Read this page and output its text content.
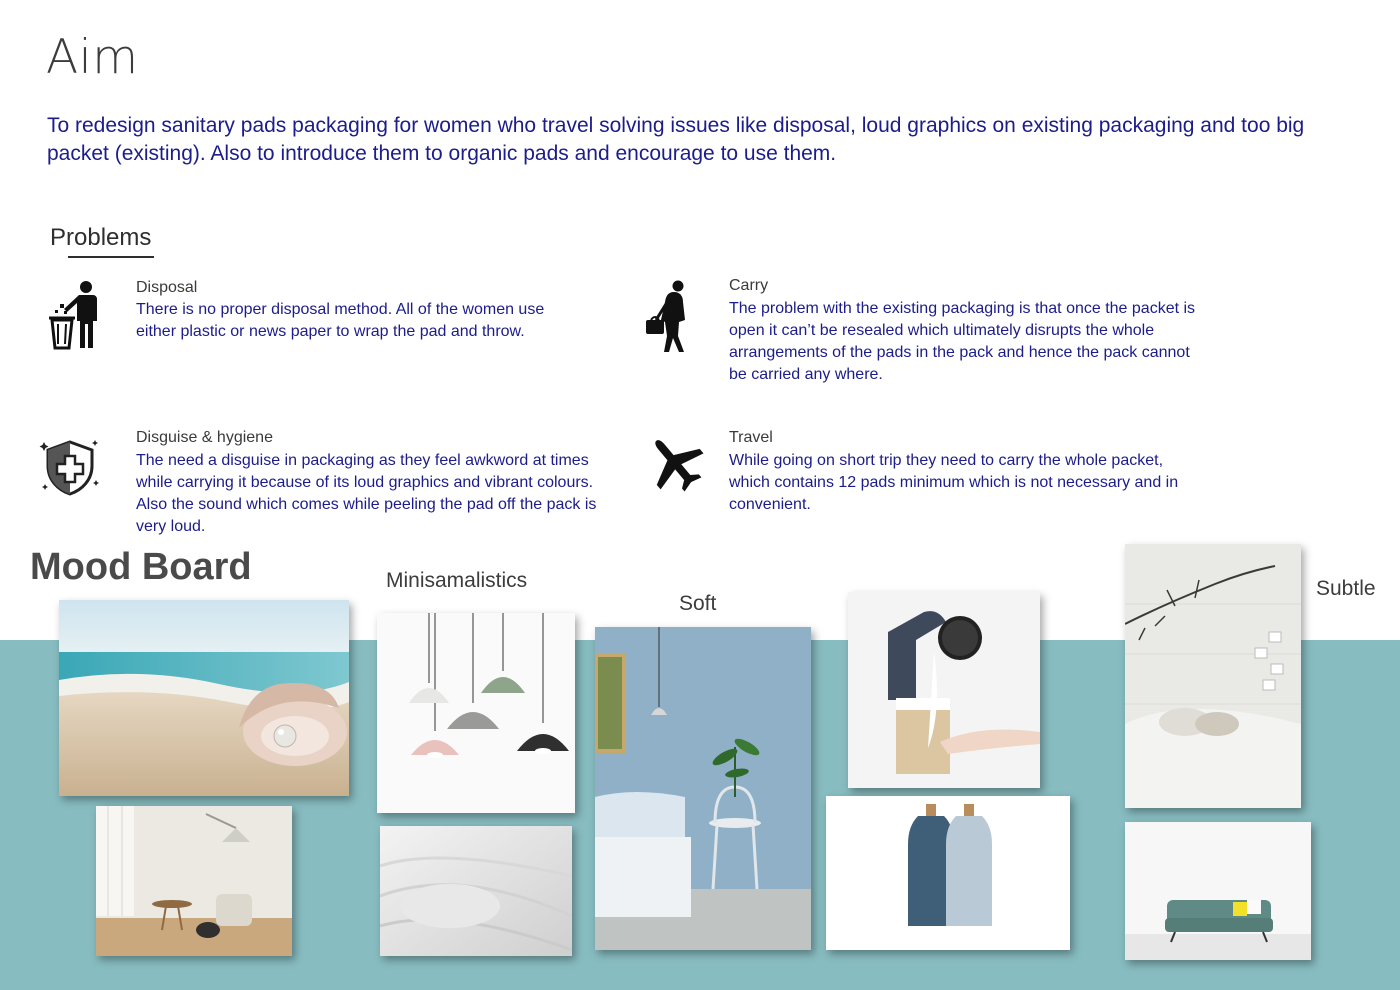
Aim
To redesign sanitary pads packaging for women who travel solving issues like disposal, loud graphics on existing packaging and too big packet (existing). Also to introduce them to organic pads and encourage to use them.
Problems
Disposal
There is no proper disposal method. All of the women use
either plastic or news paper to wrap the pad and throw.
Carry
The problem with the existing packaging is that once the packet is
open it can’t be resealed which ultimately disrupts the whole
arrangements of the pads in the pack and hence the pack cannot
be carried any where.
Disguise & hygiene
The need a disguise in packaging as they feel awkword at times
while carrying it because of its loud graphics and vibrant colours.
Also the sound which comes while peeling the pad off the pack is
very loud.
Travel
While going on short trip they need to carry the whole packet,
which contains 12 pads minimum which is not necessary and in
convenient.
Mood Board	Minisamalistics
Soft
Subtle
